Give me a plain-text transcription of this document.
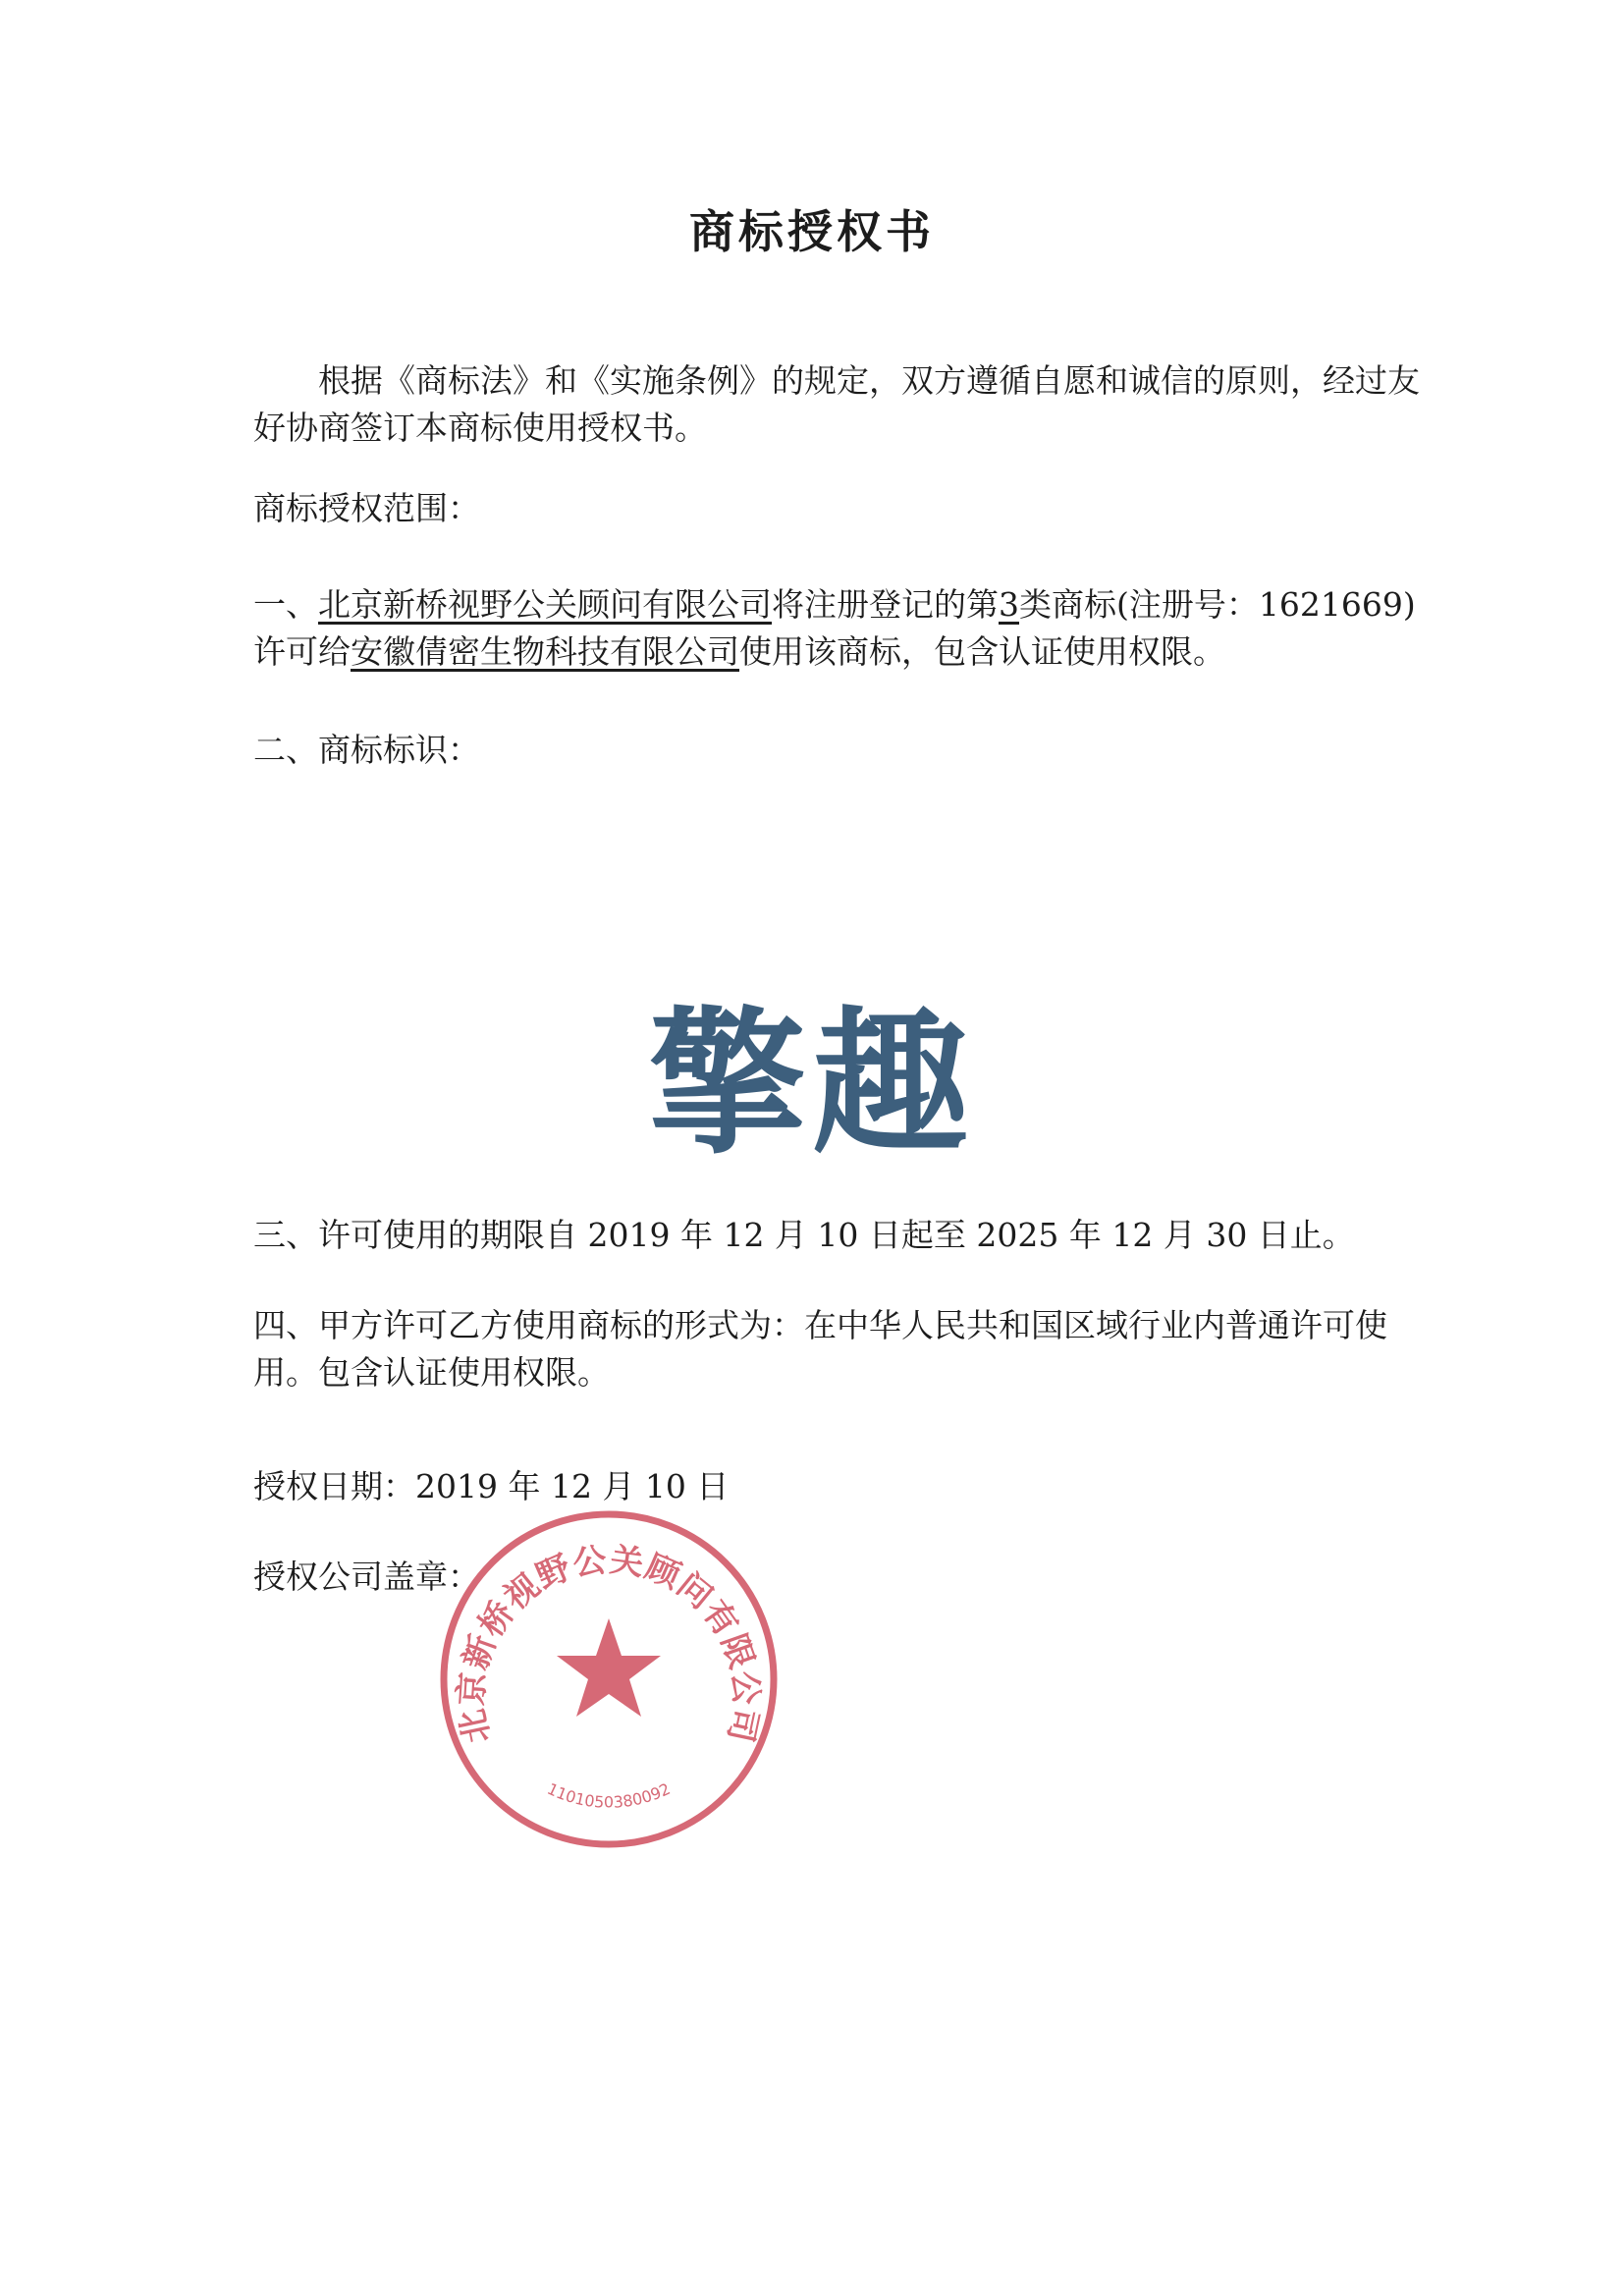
商标授权书

根据《商标法》和《实施条例》的规定，双方遵循自愿和诚信的原则，经过友好协商签订本商标使用授权书。

商标授权范围：

一、北京新桥视野公关顾问有限公司将注册登记的第3类商标(注册号：1621669)许可给安徽倩密生物科技有限公司使用该商标，包含认证使用权限。

二、商标标识：

擎趣

三、许可使用的期限自 2019 年 12 月 10 日起至 2025 年 12 月 30 日止。

四、甲方许可乙方使用商标的形式为：在中华人民共和国区域行业内普通许可使用。包含认证使用权限。

授权日期：2019 年 12 月 10 日

授权公司盖章：

北京新桥视野公关顾问有限公司
1101050380092
